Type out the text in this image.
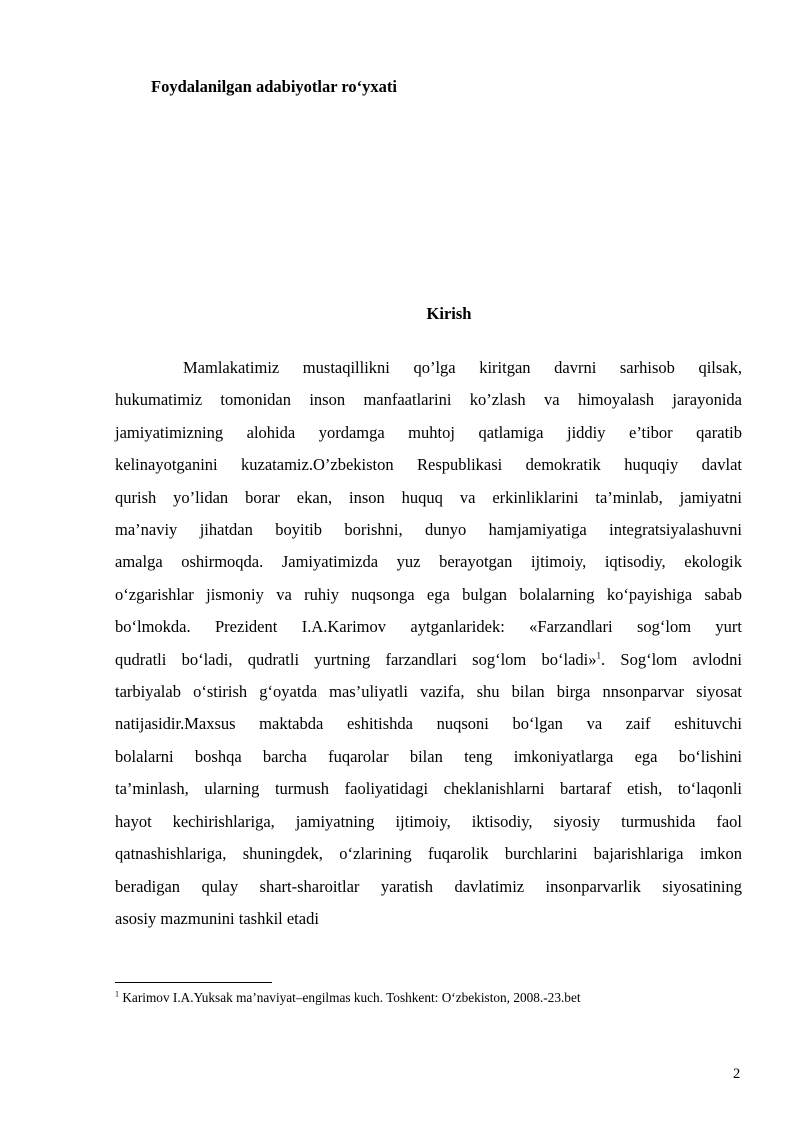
Foydalanilgan adabiyotlar ro‘yxati
Kirish
Mamlakatimiz mustaqillikni qo’lga kiritgan davrni sarhisob qilsak,
hukumatimiz tomonidan inson manfaatlarini ko’zlash va himoyalash jarayonida
jamiyatimizning alohida yordamga muhtoj qatlamiga jiddiy e’tibor qaratib
kelinayotganini kuzatamiz.O’zbekiston Respublikasi demokratik huquqiy davlat
qurish yo’lidan borar ekan, inson huquq va erkinliklarini ta’minlab, jamiyatni
ma’naviy jihatdan boyitib borishni, dunyo hamjamiyatiga integratsiyalashuvni
amalga oshirmoqda. Jamiyatimizda yuz berayotgan ijtimoiy, iqtisodiy, ekologik
o‘zgarishlar jismoniy va ruhiy nuqsonga ega bulgan bolalarning ko‘payishiga sabab
bo‘lmokda. Prezident I.A.Karimov aytganlaridek: «Farzandlari sog‘lom yurt
qudratli bo‘ladi, qudratli yurtning farzandlari sog‘lom bo‘ladi»$^1$. Sog‘lom avlodni
tarbiyalab o‘stirish g‘oyatda mas’uliyatli vazifa, shu bilan birga nnsonparvar siyosat
natijasidir.Maxsus maktabda eshitishda nuqsoni bo‘lgan va zaif eshituvchi
bolalarni boshqa barcha fuqarolar bilan teng imkoniyatlarga ega bo‘lishini
ta’minlash, ularning turmush faoliyatidagi cheklanishlarni bartaraf etish, to‘laqonli
hayot kechirishlariga, jamiyatning ijtimoiy, iktisodiy, siyosiy turmushida faol
qatnashishlariga, shuningdek, o‘zlarining fuqarolik burchlarini bajarishlariga imkon
beradigan qulay shart-sharoitlar yaratish davlatimiz insonparvarlik siyosatining
asosiy mazmunini tashkil etadi

$^1$ Karimov I.A.Yuksak ma’naviyat–engilmas kuch. Toshkent: O‘zbekiston, 2008.-23.bet

2
